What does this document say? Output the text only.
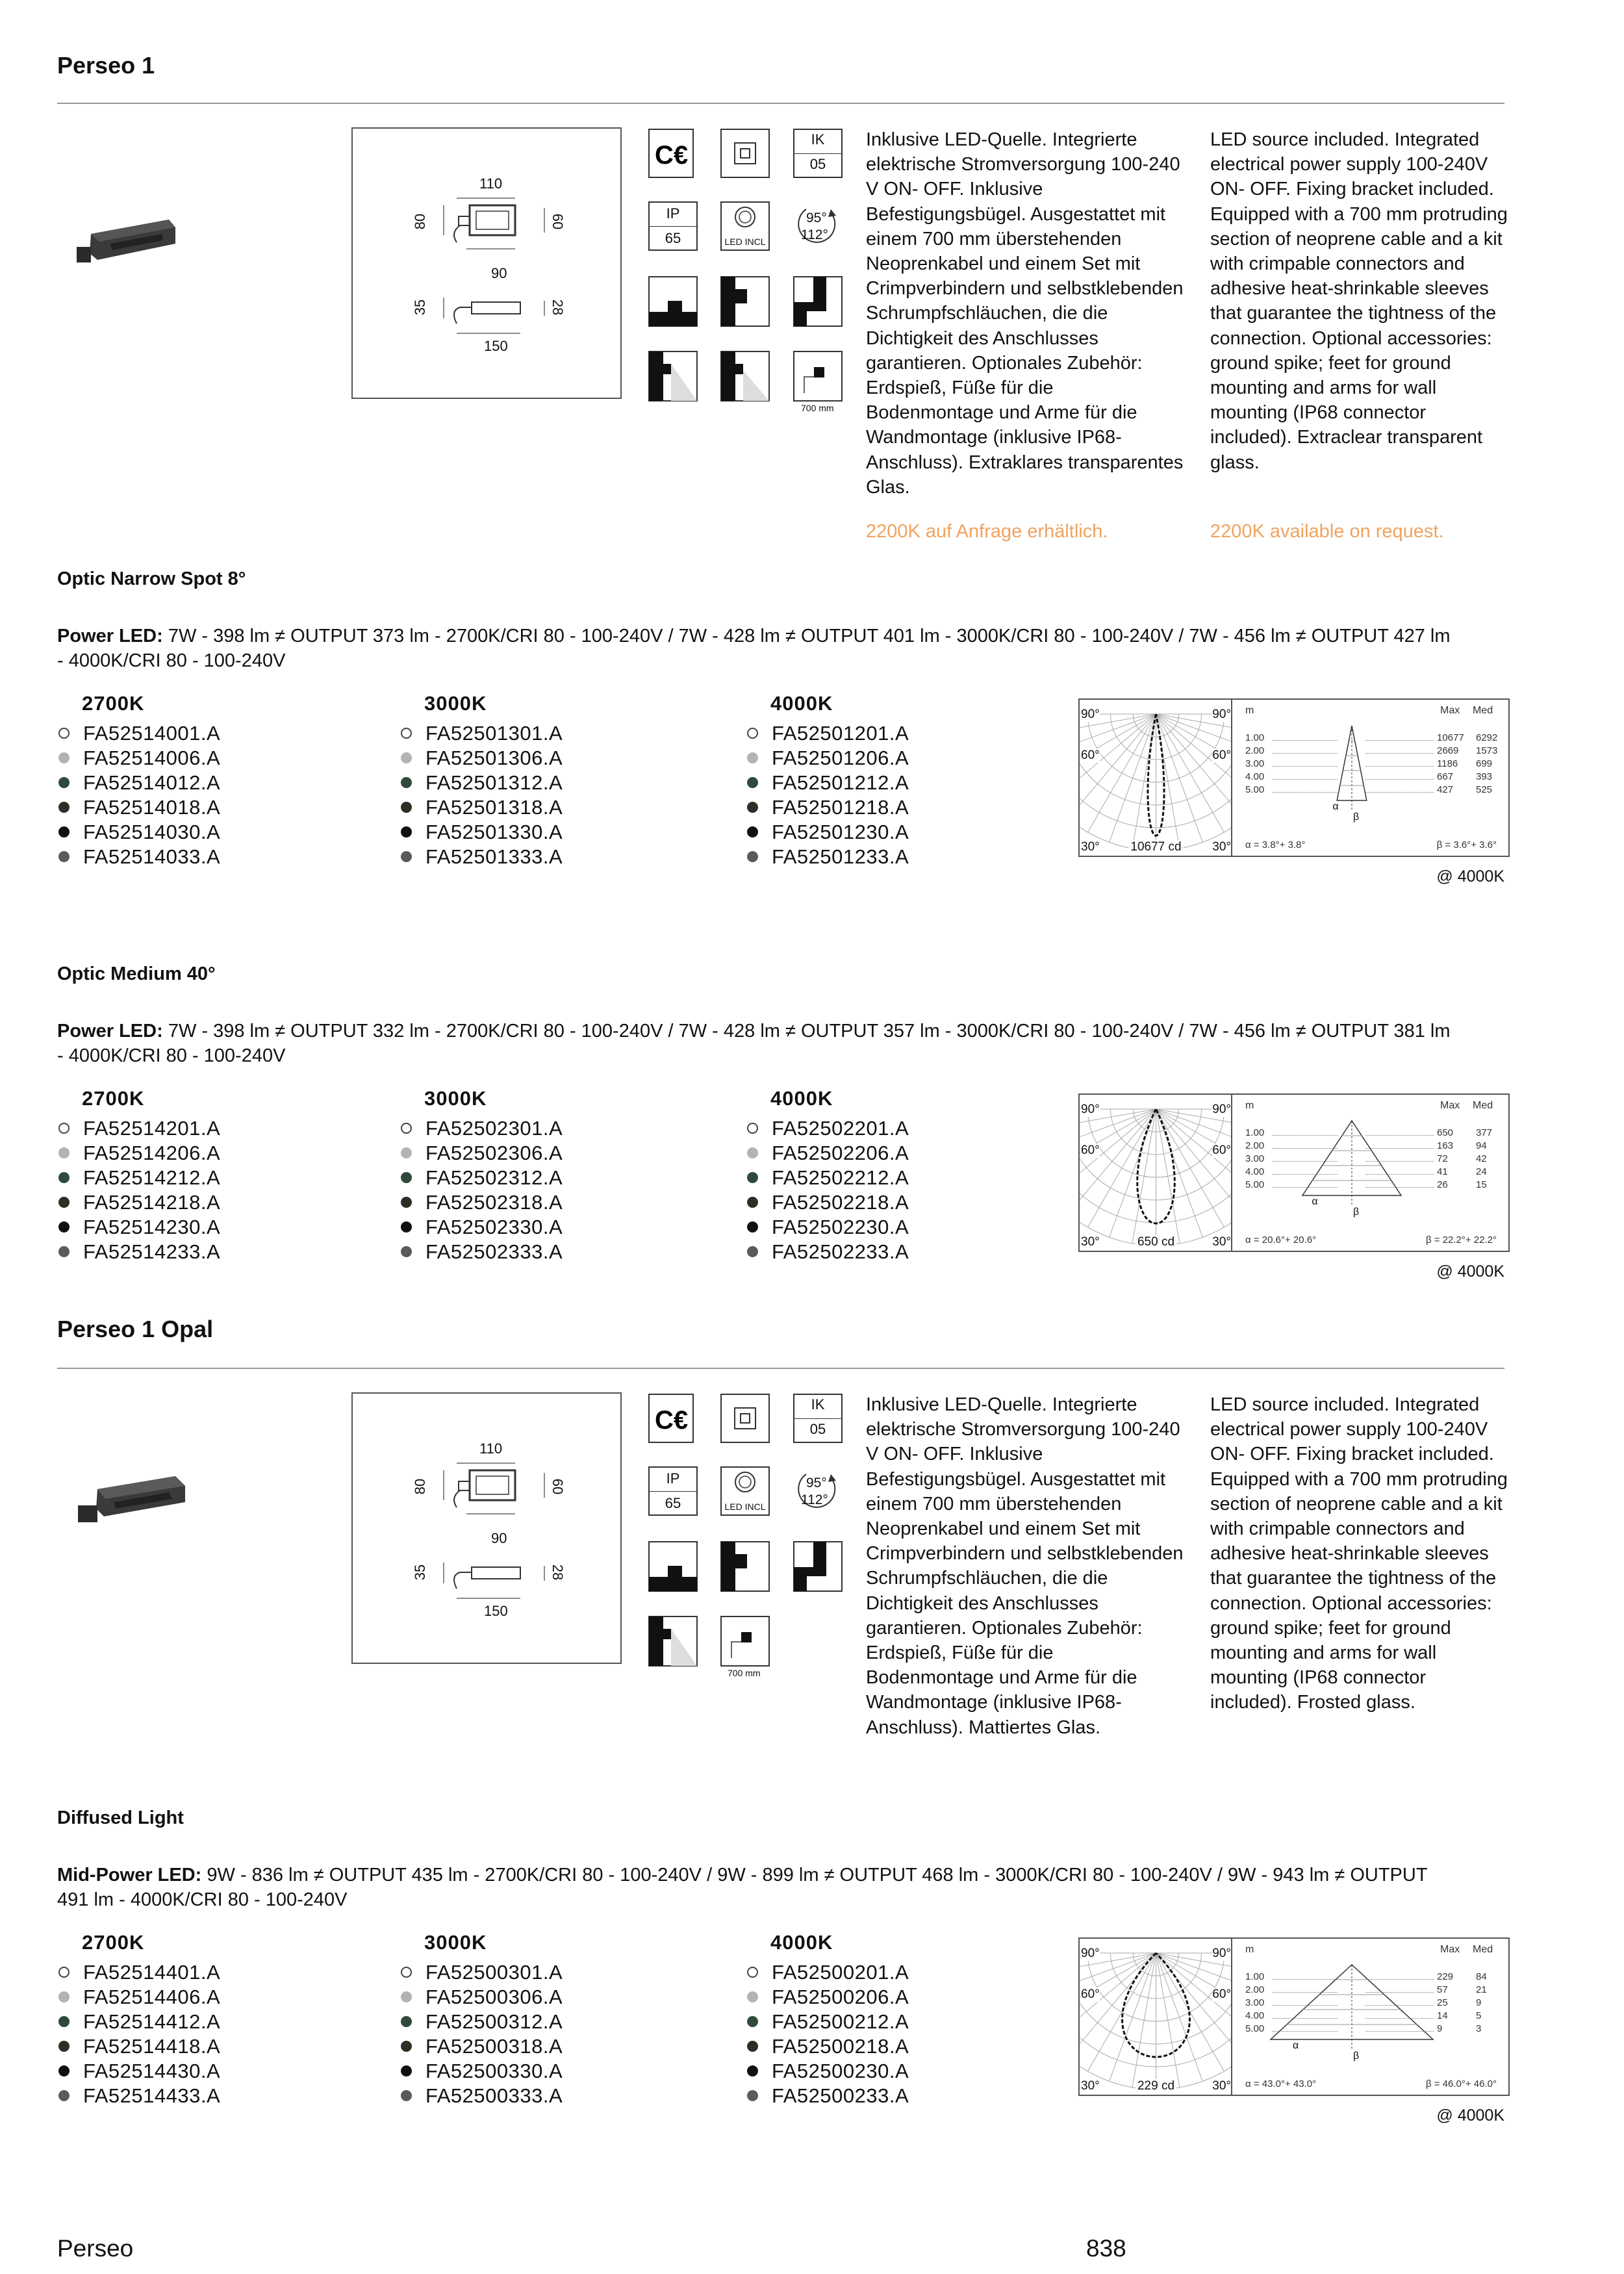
Perseo 1
110
80	60
90
35	28
150
C€
IK
05
IP
65	LED INCL
95°
112°
700 mm
Inklusive LED-Quelle. Integrierte elektrische Stromversorgung 100-240 V ON- OFF. Inklusive Befestigungsbügel. Ausgestattet mit einem 700 mm überstehenden Neoprenkabel und einem Set mit Crimpverbindern und selbstklebenden Schrumpfschläuchen, die die Dichtigkeit des Anschlusses garantieren. Optionales Zubehör: Erdspieß, Füße für die Bodenmontage und Arme für die Wandmontage (inklusive IP68-Anschluss). Extraklares transparentes Glas.
LED source included. Integrated electrical power supply 100-240V ON- OFF. Fixing bracket included. Equipped with a 700 mm protruding section of neoprene cable and a kit with crimpable connectors and adhesive heat-shrinkable sleeves that guarantee the tightness of the connection. Optional accessories: ground spike; feet for ground mounting and arms for wall mounting (IP68 connector included). Extraclear transparent glass.
2200K auf Anfrage erhältlich.	2200K available on request.
Optic Narrow Spot 8°
Power LED: 7W - 398 lm ≠ OUTPUT 373 lm - 2700K/CRI 80 - 100-240V / 7W - 428 lm ≠ OUTPUT 401 lm - 3000K/CRI 80 - 100-240V / 7W - 456 lm ≠ OUTPUT 427 lm - 4000K/CRI 80 - 100-240V
2700K
FA52514001.A
FA52514006.A
FA52514012.A
FA52514018.A
FA52514030.A
FA52514033.A
3000K
FA52501301.A
FA52501306.A
FA52501312.A
FA52501318.A
FA52501330.A
FA52501333.A
4000K
FA52501201.A
FA52501206.A
FA52501212.A
FA52501218.A
FA52501230.A
FA52501233.A
90°	90°
60°	60°
30°	30°
10677 cd
m	Max Med
1.00	10677 6292
2.00	2669 1573
3.00	1186 699
4.00	667 393
5.00	427 525
α
β
α = 3.8°+ 3.8°	β = 3.6°+ 3.6°
@ 4000K
Optic Medium 40°
Power LED: 7W - 398 lm ≠ OUTPUT 332 lm - 2700K/CRI 80 - 100-240V / 7W - 428 lm ≠ OUTPUT 357 lm - 3000K/CRI 80 - 100-240V / 7W - 456 lm ≠ OUTPUT 381 lm - 4000K/CRI 80 - 100-240V
2700K
FA52514201.A
FA52514206.A
FA52514212.A
FA52514218.A
FA52514230.A
FA52514233.A
3000K
FA52502301.A
FA52502306.A
FA52502312.A
FA52502318.A
FA52502330.A
FA52502333.A
4000K
FA52502201.A
FA52502206.A
FA52502212.A
FA52502218.A
FA52502230.A
FA52502233.A
90°	90°
60°	60°
30°	30°
650 cd
m	Max Med
1.00	650 377
2.00	163 94
3.00	72	42
4.00	41	24
5.00	26	15
α
β
α = 20.6°+ 20.6°	β = 22.2°+ 22.2°
@ 4000K
Perseo 1 Opal
110
80	60
90
35	28
150
C€
IK
05
IP
65	LED INCL
95°
112°
700 mm
Inklusive LED-Quelle. Integrierte elektrische Stromversorgung 100-240 V ON- OFF. Inklusive Befestigungsbügel. Ausgestattet mit einem 700 mm überstehenden Neoprenkabel und einem Set mit Crimpverbindern und selbstklebenden Schrumpfschläuchen, die die Dichtigkeit des Anschlusses garantieren. Optionales Zubehör: Erdspieß, Füße für die Bodenmontage und Arme für die Wandmontage (inklusive IP68-Anschluss). Mattiertes Glas.
LED source included. Integrated electrical power supply 100-240V ON- OFF. Fixing bracket included. Equipped with a 700 mm protruding section of neoprene cable and a kit with crimpable connectors and adhesive heat-shrinkable sleeves that guarantee the tightness of the connection. Optional accessories: ground spike; feet for ground mounting and arms for wall mounting (IP68 connector included). Frosted glass.
Diffused Light
Mid-Power LED: 9W - 836 lm ≠ OUTPUT 435 lm - 2700K/CRI 80 - 100-240V / 9W - 899 lm ≠ OUTPUT 468 lm - 3000K/CRI 80 - 100-240V / 9W - 943 lm ≠ OUTPUT 491 lm - 4000K/CRI 80 - 100-240V
2700K
FA52514401.A
FA52514406.A
FA52514412.A
FA52514418.A
FA52514430.A
FA52514433.A
3000K
FA52500301.A
FA52500306.A
FA52500312.A
FA52500318.A
FA52500330.A
FA52500333.A
4000K
FA52500201.A
FA52500206.A
FA52500212.A
FA52500218.A
FA52500230.A
FA52500233.A
90°	90°
60°	60°
30°	30°
229 cd
m	Max Med
1.00	229 84
2.00	57	21
3.00	25	9
4.00	14	5
5.00	9	3
α
β
α = 43.0°+ 43.0°	β = 46.0°+ 46.0°
@ 4000K
Perseo	838
